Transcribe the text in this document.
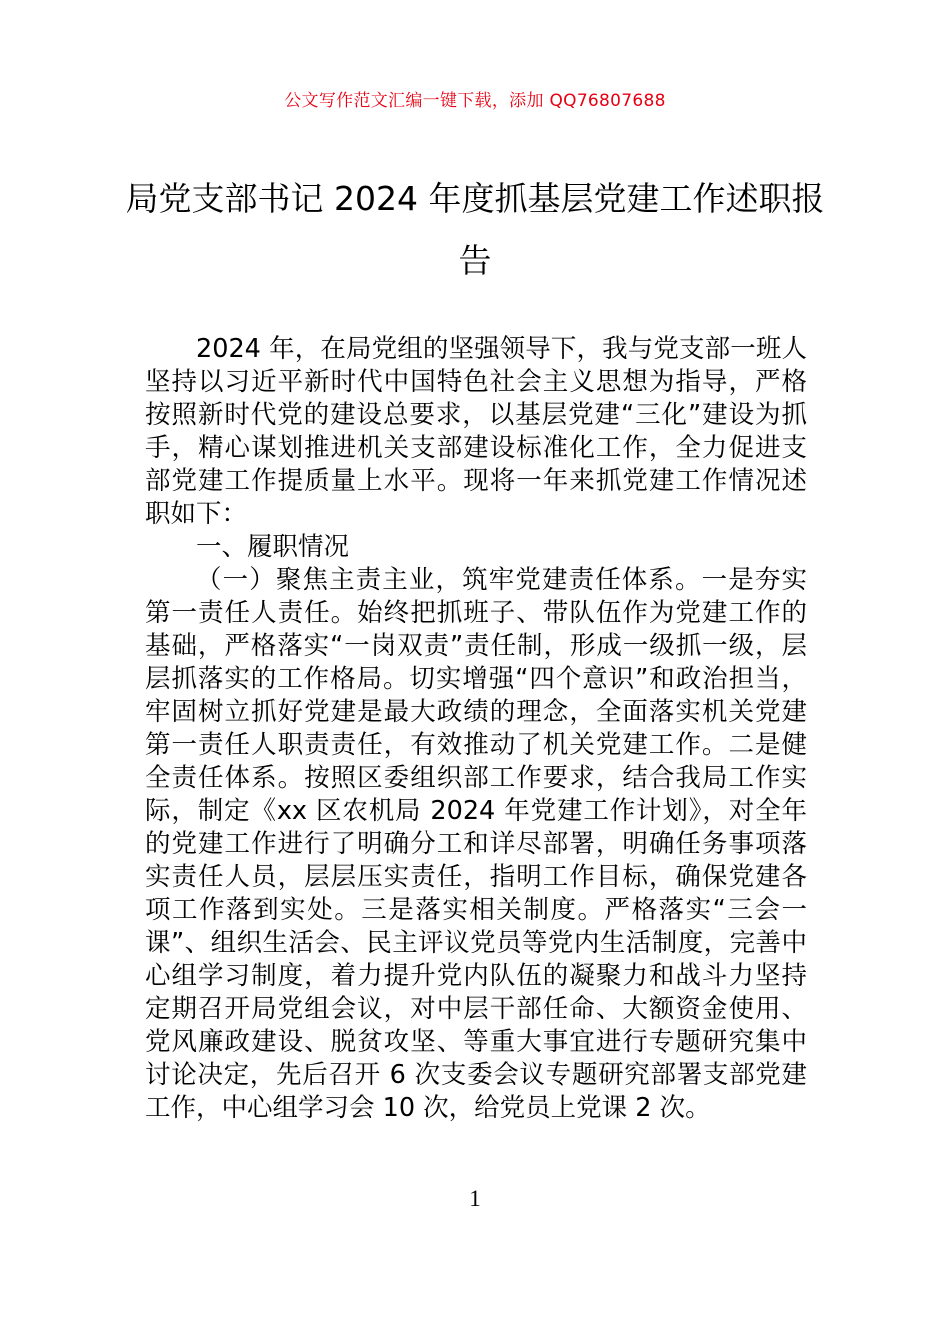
公文写作范文汇编一键下载，添加 QQ76807688
局党支部书记 2024 年度抓基层党建工作述职报告

2024 年，在局党组的坚强领导下，我与党支部一班人坚持以习近平新时代中国特色社会主义思想为指导，严格按照新时代党的建设总要求，以基层党建“三化”建设为抓手，精心谋划推进机关支部建设标准化工作，全力促进支部党建工作提质量上水平。现将一年来抓党建工作情况述职如下：

一、履职情况

（一）聚焦主责主业，筑牢党建责任体系。一是夯实第一责任人责任。始终把抓班子、带队伍作为党建工作的基础，严格落实“一岗双责”责任制，形成一级抓一级，层层抓落实的工作格局。切实增强“四个意识”和政治担当，牢固树立抓好党建是最大政绩的理念，全面落实机关党建第一责任人职责责任，有效推动了机关党建工作。二是健全责任体系。按照区委组织部工作要求，结合我局工作实际，制定《xx 区农机局 2024 年党建工作计划》，对全年的党建工作进行了明确分工和详尽部署，明确任务事项落实责任人员，层层压实责任，指明工作目标，确保党建各项工作落到实处。三是落实相关制度。严格落实“三会一课”、组织生活会、民主评议党员等党内生活制度，完善中心组学习制度，着力提升党内队伍的凝聚力和战斗力坚持定期召开局党组会议，对中层干部任命、大额资金使用、党风廉政建设、脱贫攻坚、等重大事宜进行专题研究集中讨论决定，先后召开 6 次支委会议专题研究部署支部党建工作，中心组学习会 10 次，给党员上党课 2 次。

1
